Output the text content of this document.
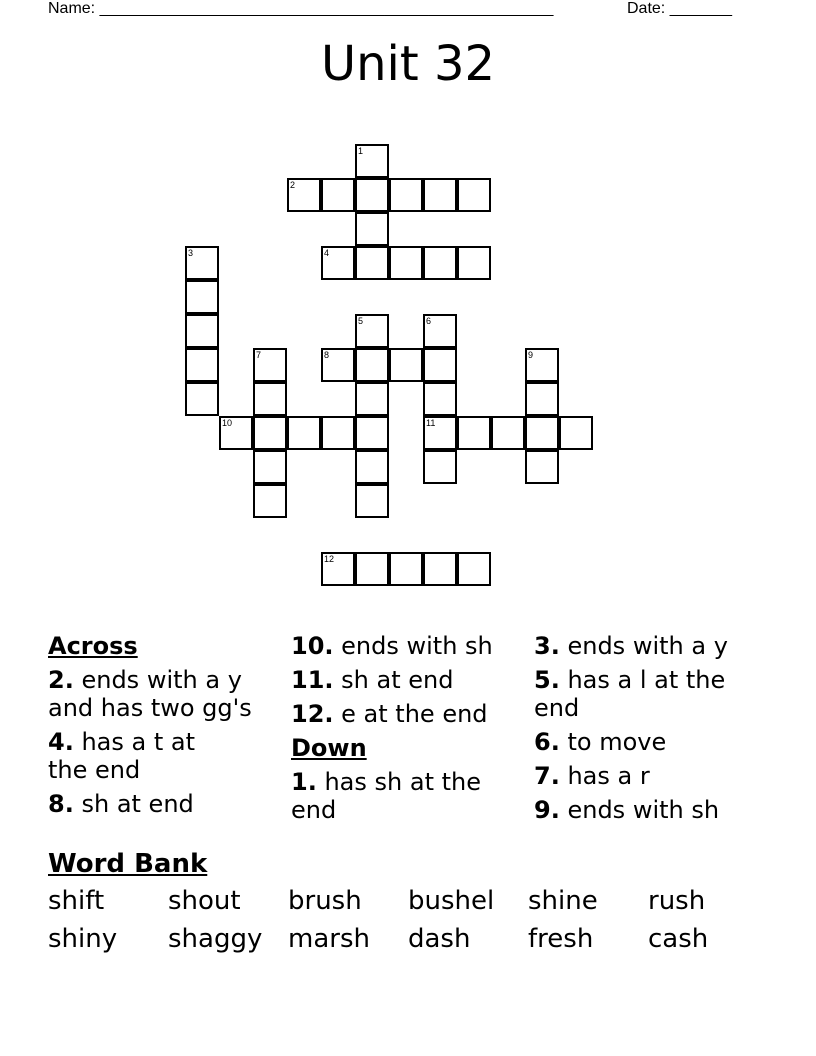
Name: ___________________________________________________	Date: _______
Unit 32
1
2
3	4
5	6
7	8	9
10	11
12
Across
2. ends with a y and has two gg's
4. has a t at the end
8. sh at end
10. ends with sh
11. sh at end
12. e at the end
Down
1. has sh at the end
3. ends with a y
5. has a l at the end
6. to move
7. has a r
9. ends with sh
Word Bank
shift shout brush bushel shine rush
shiny shaggy marsh dash fresh cash
